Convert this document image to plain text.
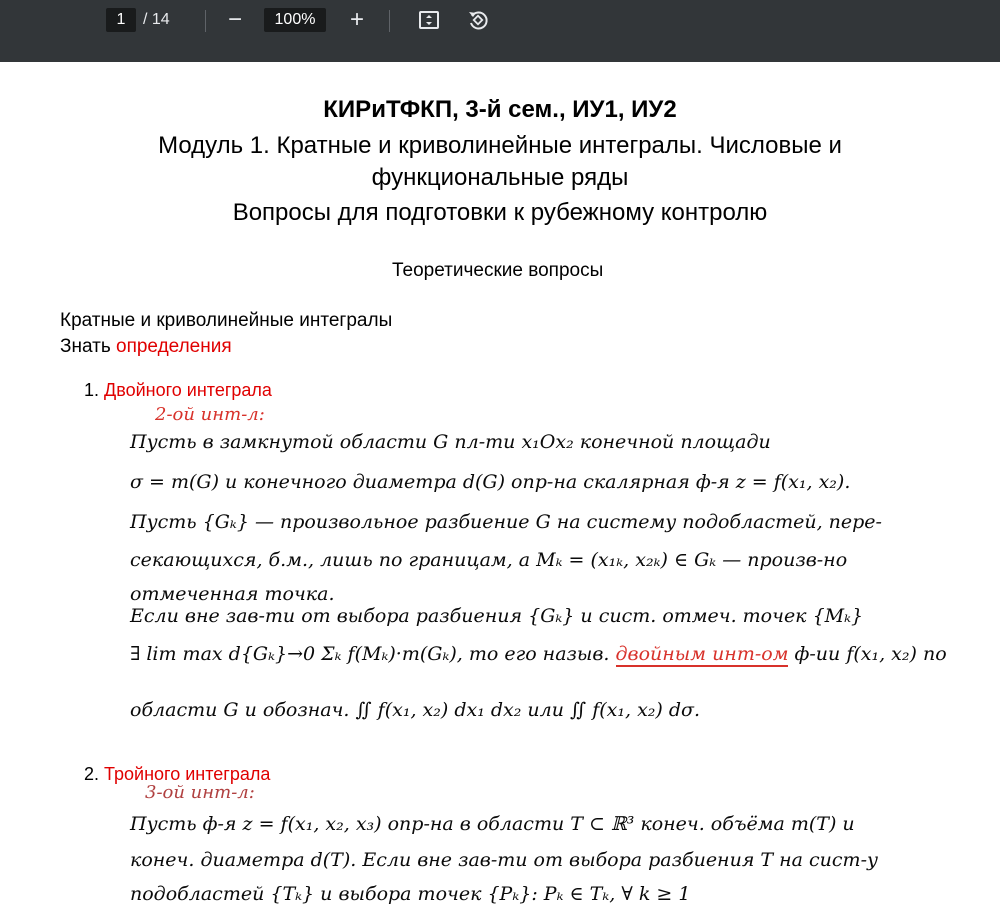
1	/ 14 −	100%	+
КИРиТФКП, 3-й сем., ИУ1, ИУ2
Модуль 1. Кратные и криволинейные интегралы. Числовые и
функциональные ряды
Вопросы для подготовки к рубежному контролю
Теоретические вопросы
Кратные и криволинейные интегралы
Знать определения
1. Двойного интеграла
2-ой инт-л:
Пусть в замкнутой области G пл-ти x₁Ox₂ конечной площади
σ = m(G) и конечного диаметра d(G) опр-на скалярная ф-я z = f(x₁, x₂).
Пусть {Gₖ} — произвольное разбиение G на систему подобластей, пере-
секающихся, б.м., лишь по границам, а Mₖ = (x₁ₖ, x₂ₖ) ∈ Gₖ — произв-но
отмеченная точка.
Если вне зав-ти от выбора разбиения {Gₖ} и сист. отмеч. точек {Mₖ}
∃ lim max d{Gₖ}→0 Σₖ f(Mₖ)·m(Gₖ), то его назыв. двойным инт-ом ф-ии f(x₁, x₂) по
области G и обознач. ∬ f(x₁, x₂) dx₁ dx₂ или ∬ f(x₁, x₂) dσ.
2. Тройного интеграла
3-ой инт-л:
Пусть ф-я z = f(x₁, x₂, x₃) опр-на в области T ⊂ ℝ³ конеч. объёма m(T) и
конеч. диаметра d(T). Если вне зав-ти от выбора разбиения T на сист-у
подобластей {Tₖ} и выбора точек {Pₖ}: Pₖ ∈ Tₖ, ∀ k ≥ 1
